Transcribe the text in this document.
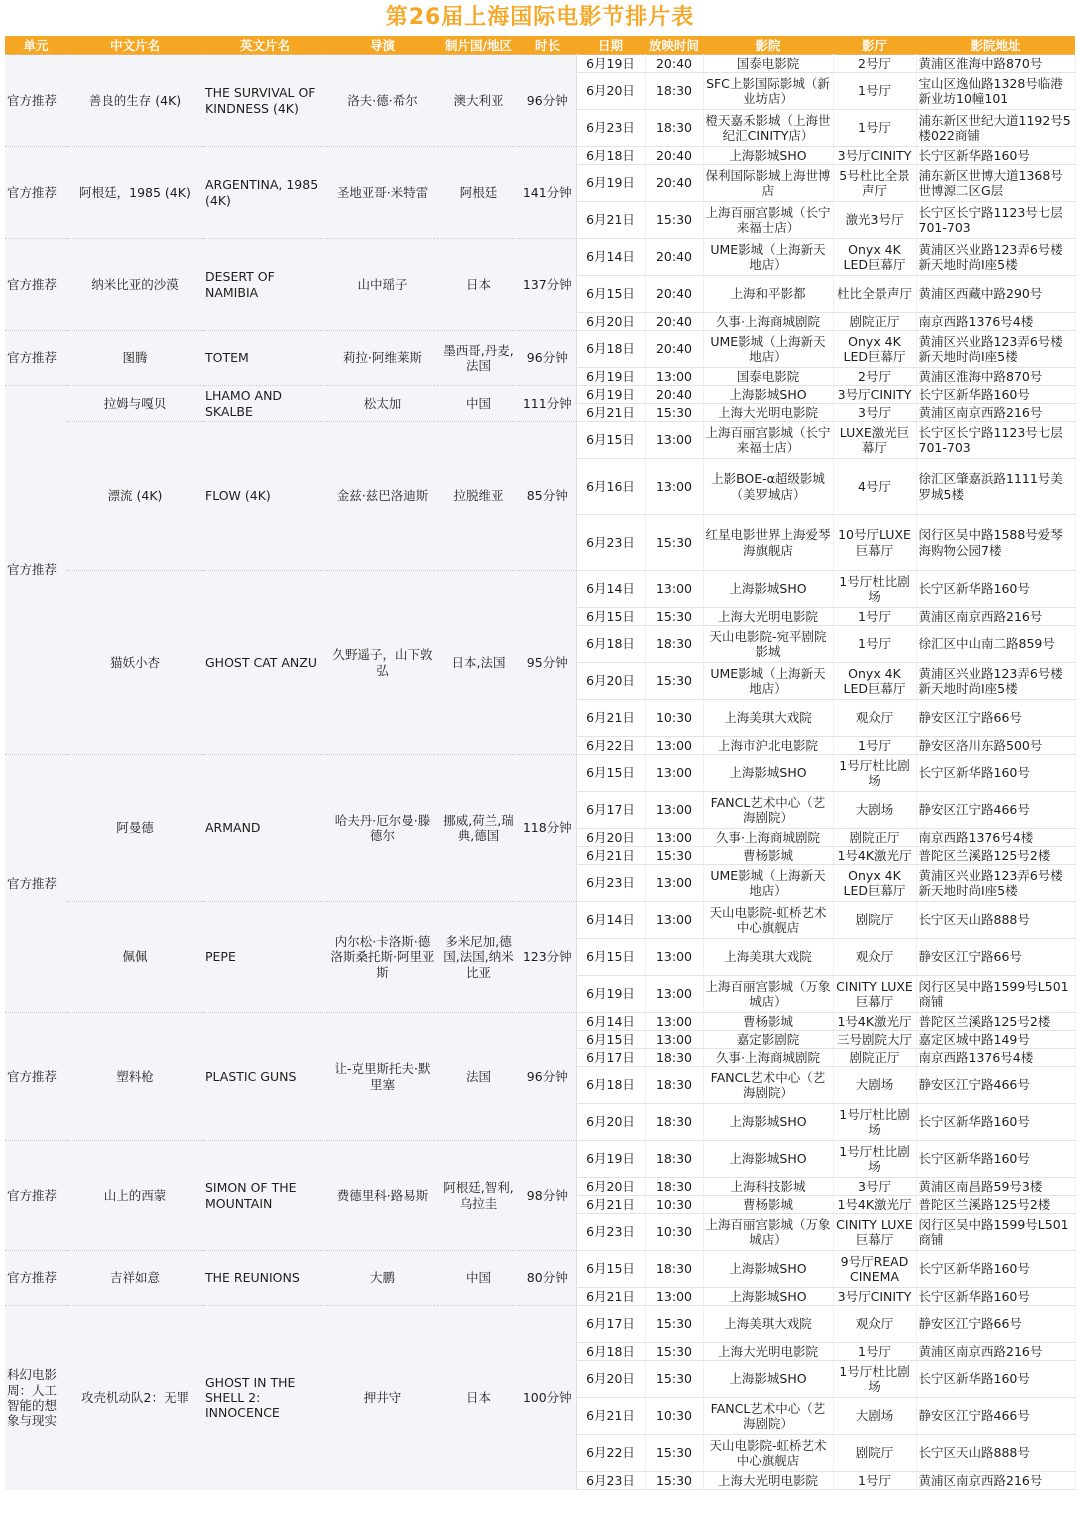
第26届上海国际电影节排片表
单元	中文片名	英文片名	导演	制片国/地区	时长	日期	放映时间	影院	影厅	影院地址
官方推荐	善良的生存 (4K)	THE SURVIVAL OF KINDNESS (4K)	洛夫·德·希尔	澳大利亚	96分钟	6月19日	20:40	国泰电影院	2号厅	黄浦区淮海中路870号
						6月20日	18:30	SFC上影国际影城（新业坊店）	1号厅	宝山区逸仙路1328号临港新业坊10幢101
						6月23日	18:30	橙天嘉禾影城（上海世纪汇CINITY店）	1号厅	浦东新区世纪大道1192号5楼022商铺
官方推荐	阿根廷，1985 (4K)	ARGENTINA, 1985 (4K)	圣地亚哥·米特雷	阿根廷	141分钟	6月18日	20:40	上海影城SHO	3号厅CINITY	长宁区新华路160号
						6月19日	20:40	保利国际影城上海世博店	5号杜比全景声厅	浦东新区世博大道1368号世博源二区G层
						6月21日	15:30	上海百丽宫影城（长宁来福士店）	激光3号厅	长宁区长宁路1123号七层701-703
官方推荐	纳米比亚的沙漠	DESERT OF NAMIBIA	山中瑶子	日本	137分钟	6月14日	20:40	UME影城（上海新天地店）	Onyx 4K LED巨幕厅	黄浦区兴业路123弄6号楼新天地时尚I座5楼
						6月15日	20:40	上海和平影都	杜比全景声厅	黄浦区西藏中路290号
						6月20日	20:40	久事·上海商城剧院	剧院正厅	南京西路1376号4楼
官方推荐	图腾	TOTEM	莉拉·阿维莱斯	墨西哥,丹麦,法国	96分钟	6月18日	20:40	UME影城（上海新天地店）	Onyx 4K LED巨幕厅	黄浦区兴业路123弄6号楼新天地时尚I座5楼
						6月19日	13:00	国泰电影院	2号厅	黄浦区淮海中路870号
官方推荐	拉姆与嘎贝	LHAMO AND SKALBE	松太加	中国	111分钟	6月19日	20:40	上海影城SHO	3号厅CINITY	长宁区新华路160号
						6月21日	15:30	上海大光明电影院	3号厅	黄浦区南京西路216号
	漂流 (4K)	FLOW (4K)	金兹·兹巴洛迪斯	拉脱维亚	85分钟	6月15日	13:00	上海百丽宫影城（长宁来福士店）	LUXE激光巨幕厅	长宁区长宁路1123号七层701-703
						6月16日	13:00	上影BOE-α超级影城（美罗城店）	4号厅	徐汇区肇嘉浜路1111号美罗城5楼
						6月23日	15:30	红星电影世界上海爱琴海旗舰店	10号厅LUXE巨幕厅	闵行区吴中路1588号爱琴海购物公园7楼
	猫妖小杏	GHOST CAT ANZU	久野遥子，山下敦弘	日本,法国	95分钟	6月14日	13:00	上海影城SHO	1号厅杜比剧场	长宁区新华路160号
						6月15日	15:30	上海大光明电影院	1号厅	黄浦区南京西路216号
						6月18日	18:30	天山电影院-宛平剧院影城	1号厅	徐汇区中山南二路859号
						6月20日	15:30	UME影城（上海新天地店）	Onyx 4K LED巨幕厅	黄浦区兴业路123弄6号楼新天地时尚I座5楼
						6月21日	10:30	上海美琪大戏院	观众厅	静安区江宁路66号
						6月22日	13:00	上海市沪北电影院	1号厅	静安区洛川东路500号
官方推荐	阿曼德	ARMAND	哈夫丹·厄尔曼·滕德尔	挪威,荷兰,瑞典,德国	118分钟	6月15日	13:00	上海影城SHO	1号厅杜比剧场	长宁区新华路160号
						6月17日	13:00	FANCL艺术中心（艺海剧院）	大剧场	静安区江宁路466号
						6月20日	13:00	久事·上海商城剧院	剧院正厅	南京西路1376号4楼
						6月21日	15:30	曹杨影城	1号4K激光厅	普陀区兰溪路125号2楼
						6月23日	13:00	UME影城（上海新天地店）	Onyx 4K LED巨幕厅	黄浦区兴业路123弄6号楼新天地时尚I座5楼
	佩佩	PEPE	内尔松·卡洛斯·德洛斯桑托斯·阿里亚斯	多米尼加,德国,法国,纳米比亚	123分钟	6月14日	13:00	天山电影院-虹桥艺术中心旗舰店	剧院厅	长宁区天山路888号
						6月15日	13:00	上海美琪大戏院	观众厅	静安区江宁路66号
						6月19日	13:00	上海百丽宫影城（万象城店）	CINITY LUXE巨幕厅	闵行区吴中路1599号L501商铺
官方推荐	塑料枪	PLASTIC GUNS	让-克里斯托夫·默里塞	法国	96分钟	6月14日	13:00	曹杨影城	1号4K激光厅	普陀区兰溪路125号2楼
						6月15日	13:00	嘉定影剧院	三号剧院大厅	嘉定区城中路149号
						6月17日	18:30	久事·上海商城剧院	剧院正厅	南京西路1376号4楼
						6月18日	18:30	FANCL艺术中心（艺海剧院）	大剧场	静安区江宁路466号
						6月20日	18:30	上海影城SHO	1号厅杜比剧场	长宁区新华路160号
官方推荐	山上的西蒙	SIMON OF THE MOUNTAIN	费德里科·路易斯	阿根廷,智利,乌拉圭	98分钟	6月19日	18:30	上海影城SHO	1号厅杜比剧场	长宁区新华路160号
						6月20日	18:30	上海科技影城	3号厅	黄浦区南昌路59号3楼
						6月21日	10:30	曹杨影城	1号4K激光厅	普陀区兰溪路125号2楼
						6月23日	10:30	上海百丽宫影城（万象城店）	CINITY LUXE巨幕厅	闵行区吴中路1599号L501商铺
官方推荐	吉祥如意	THE REUNIONS	大鹏	中国	80分钟	6月15日	18:30	上海影城SHO	9号厅READ CINEMA	长宁区新华路160号
						6月21日	13:00	上海影城SHO	3号厅CINITY	长宁区新华路160号
科幻电影周：人工智能的想象与现实	攻壳机动队2：无罪	GHOST IN THE SHELL 2: INNOCENCE	押井守	日本	100分钟	6月17日	15:30	上海美琪大戏院	观众厅	静安区江宁路66号
						6月18日	15:30	上海大光明电影院	1号厅	黄浦区南京西路216号
						6月20日	15:30	上海影城SHO	1号厅杜比剧场	长宁区新华路160号
						6月21日	10:30	FANCL艺术中心（艺海剧院）	大剧场	静安区江宁路466号
						6月22日	15:30	天山电影院-虹桥艺术中心旗舰店	剧院厅	长宁区天山路888号
						6月23日	15:30	上海大光明电影院	1号厅	黄浦区南京西路216号
